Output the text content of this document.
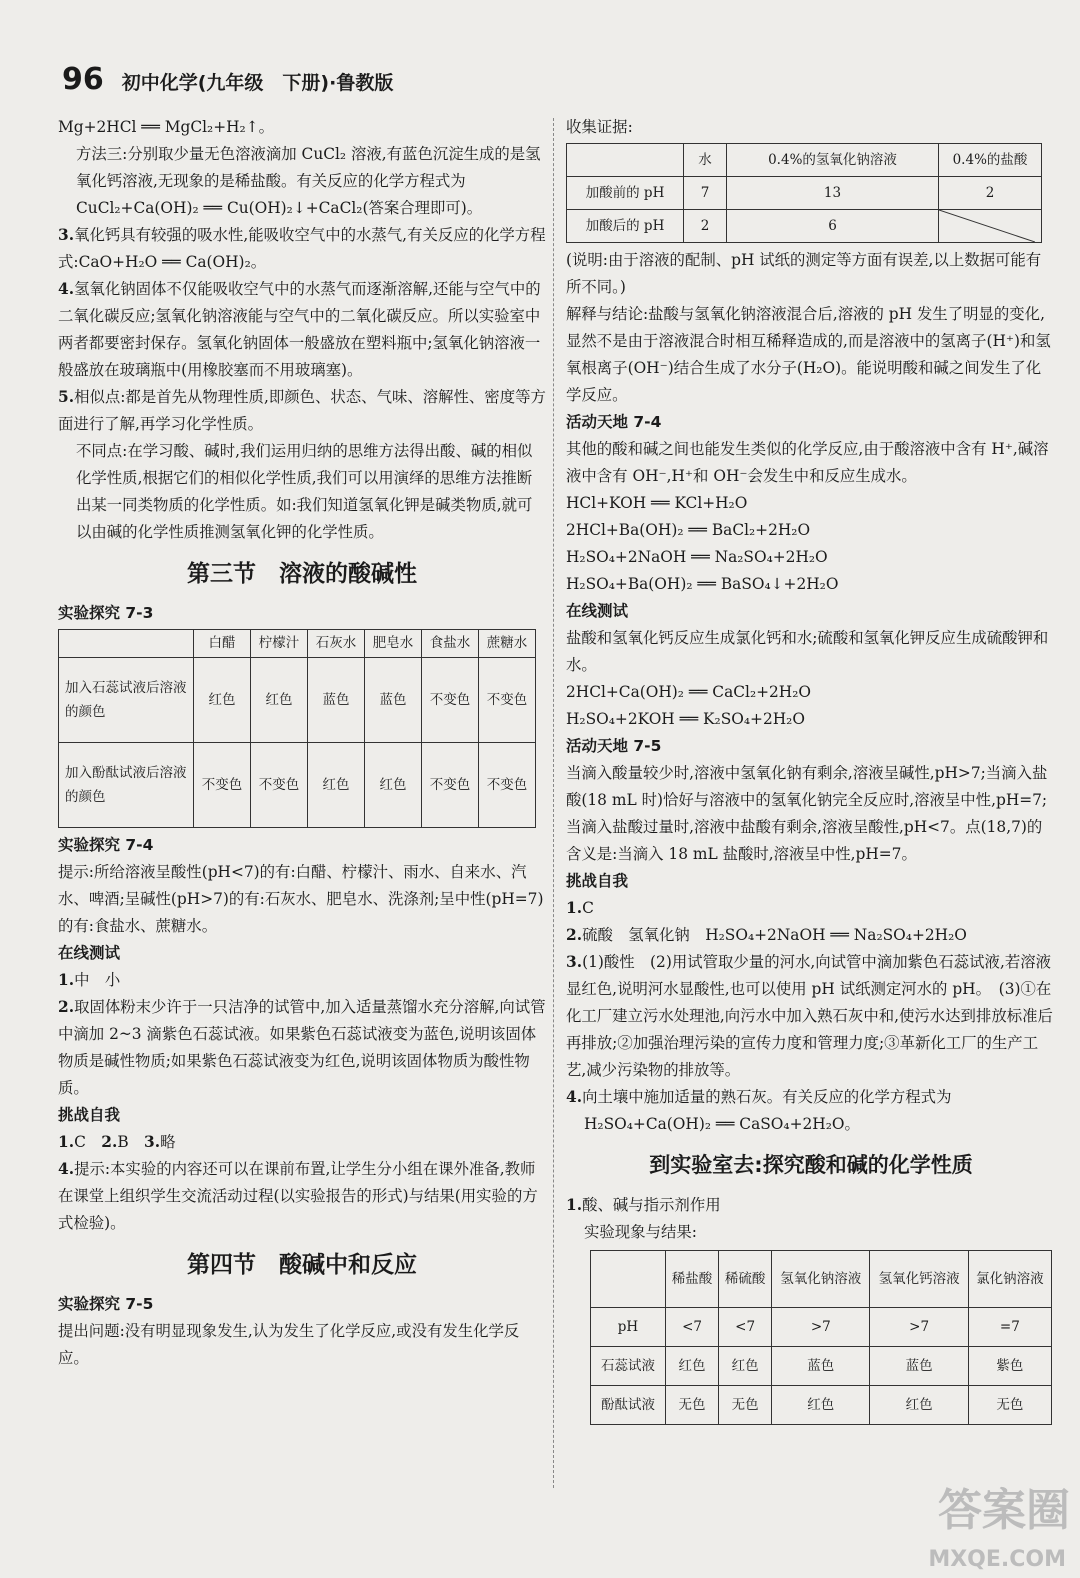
96 初中化学(九年级　下册)·鲁教版

Mg+2HCl ══ MgCl₂+H₂↑。

方法三:分别取少量无色溶液滴加 CuCl₂ 溶液,有蓝色沉淀生成的是氢氧化钙溶液,无现象的是稀盐酸。有关反应的化学方程式为 CuCl₂+Ca(OH)₂ ══ Cu(OH)₂↓+CaCl₂(答案合理即可)。

3.氧化钙具有较强的吸水性,能吸收空气中的水蒸气,有关反应的化学方程式:CaO+H₂O ══ Ca(OH)₂。

4.氢氧化钠固体不仅能吸收空气中的水蒸气而逐渐溶解,还能与空气中的二氧化碳反应;氢氧化钠溶液能与空气中的二氧化碳反应。所以实验室中两者都要密封保存。氢氧化钠固体一般盛放在塑料瓶中;氢氧化钠溶液一般盛放在玻璃瓶中(用橡胶塞而不用玻璃塞)。

5.相似点:都是首先从物理性质,即颜色、状态、气味、溶解性、密度等方面进行了解,再学习化学性质。

不同点:在学习酸、碱时,我们运用归纳的思维方法得出酸、碱的相似化学性质,根据它们的相似化学性质,我们可以用演绎的思维方法推断出某一同类物质的化学性质。如:我们知道氢氧化钾是碱类物质,就可以由碱的化学性质推测氢氧化钾的化学性质。

第三节　溶液的酸碱性

实验探究 7-3

	白醋	柠檬汁	石灰水	肥皂水	食盐水	蔗糖水
加入石蕊试液后溶液的颜色	红色	红色	蓝色	蓝色	不变色	不变色
加入酚酞试液后溶液的颜色	不变色	不变色	红色	红色	不变色	不变色

实验探究 7-4

提示:所给溶液呈酸性(pH<7)的有:白醋、柠檬汁、雨水、自来水、汽水、啤酒;呈碱性(pH>7)的有:石灰水、肥皂水、洗涤剂;呈中性(pH=7)的有:食盐水、蔗糖水。

在线测试

1.中　小

2.取固体粉末少许于一只洁净的试管中,加入适量蒸馏水充分溶解,向试管中滴加 2~3 滴紫色石蕊试液。如果紫色石蕊试液变为蓝色,说明该固体物质是碱性物质;如果紫色石蕊试液变为红色,说明该固体物质为酸性物质。

挑战自我

1.C　2.B　3.略

4.提示:本实验的内容还可以在课前布置,让学生分小组在课外准备,教师在课堂上组织学生交流活动过程(以实验报告的形式)与结果(用实验的方式检验)。

第四节　酸碱中和反应

实验探究 7-5

提出问题:没有明显现象发生,认为发生了化学反应,或没有发生化学反应。

收集证据:

	水	0.4%的氢氧化钠溶液	0.4%的盐酸
加酸前的 pH	7	13	2
加酸后的 pH	2	6	

(说明:由于溶液的配制、pH 试纸的测定等方面有误差,以上数据可能有所不同。)

解释与结论:盐酸与氢氧化钠溶液混合后,溶液的 pH 发生了明显的变化,显然不是由于溶液混合时相互稀释造成的,而是溶液中的氢离子(H⁺)和氢氧根离子(OH⁻)结合生成了水分子(H₂O)。能说明酸和碱之间发生了化学反应。

活动天地 7-4

其他的酸和碱之间也能发生类似的化学反应,由于酸溶液中含有 H⁺,碱溶液中含有 OH⁻,H⁺和 OH⁻会发生中和反应生成水。

HCl+KOH ══ KCl+H₂O

2HCl+Ba(OH)₂ ══ BaCl₂+2H₂O

H₂SO₄+2NaOH ══ Na₂SO₄+2H₂O

H₂SO₄+Ba(OH)₂ ══ BaSO₄↓+2H₂O

在线测试

盐酸和氢氧化钙反应生成氯化钙和水;硫酸和氢氧化钾反应生成硫酸钾和水。

2HCl+Ca(OH)₂ ══ CaCl₂+2H₂O

H₂SO₄+2KOH ══ K₂SO₄+2H₂O

活动天地 7-5

当滴入酸量较少时,溶液中氢氧化钠有剩余,溶液呈碱性,pH>7;当滴入盐酸(18 mL 时)恰好与溶液中的氢氧化钠完全反应时,溶液呈中性,pH=7;当滴入盐酸过量时,溶液中盐酸有剩余,溶液呈酸性,pH<7。点(18,7)的含义是:当滴入 18 mL 盐酸时,溶液呈中性,pH=7。

挑战自我

1.C

2.硫酸　氢氧化钠　H₂SO₄+2NaOH ══ Na₂SO₄+2H₂O

3.(1)酸性　(2)用试管取少量的河水,向试管中滴加紫色石蕊试液,若溶液显红色,说明河水显酸性,也可以使用 pH 试纸测定河水的 pH。　(3)①在化工厂建立污水处理池,向污水中加入熟石灰中和,使污水达到排放标准后再排放;②加强治理污染的宣传力度和管理力度;③革新化工厂的生产工艺,减少污染物的排放等。

4.向土壤中施加适量的熟石灰。有关反应的化学方程式为

H₂SO₄+Ca(OH)₂ ══ CaSO₄+2H₂O。

到实验室去:探究酸和碱的化学性质

1.酸、碱与指示剂作用

实验现象与结果:

	稀盐酸	稀硫酸	氢氧化钠溶液	氢氧化钙溶液	氯化钠溶液
pH	<7	<7	>7	>7	=7
石蕊试液	红色	红色	蓝色	蓝色	紫色
酚酞试液	无色	无色	红色	红色	无色
答案圈
MXQE.COM
